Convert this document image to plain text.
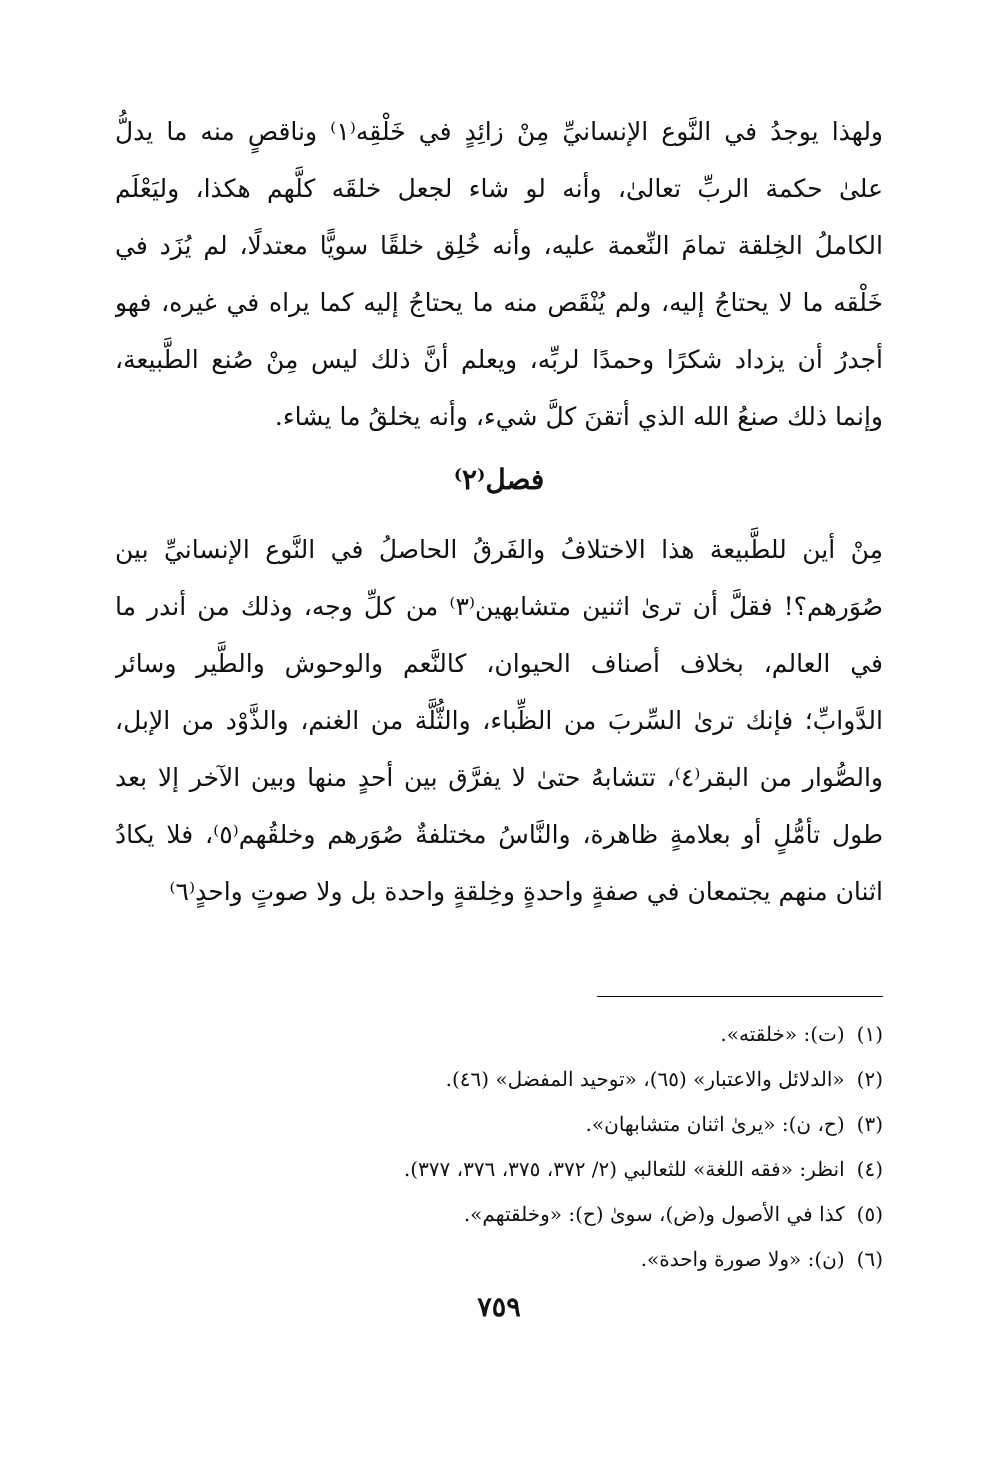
ولهذا يوجدُ في النَّوع الإنسانيِّ مِنْ زائِدٍ في خَلْقِه⁽١⁾ وناقصٍ منه ما يدلُّ
علىٰ حكمة الربِّ تعالىٰ، وأنه لو شاء لجعل خلقَه كلَّهم هكذا، وليَعْلَم
الكاملُ الخِلقة تمامَ النِّعمة عليه، وأنه خُلِق خلقًا سويًّا معتدلًا، لم يُزَد في
خَلْقه ما لا يحتاجُ إليه، ولم يُنْقَص منه ما يحتاجُ إليه كما يراه في غيره، فهو
أجدرُ أن يزداد شكرًا وحمدًا لربِّه، ويعلم أنَّ ذلك ليس مِنْ صُنع الطَّبيعة،
وإنما ذلك صنعُ الله الذي أتقنَ كلَّ شيء، وأنه يخلقُ ما يشاء.
فصل⁽٢⁾
مِنْ أين للطَّبيعة هذا الاختلافُ والفَرقُ الحاصلُ في النَّوع الإنسانيِّ بين
صُوَرهم؟! فقلَّ أن ترىٰ اثنين متشابهين⁽٣⁾ من كلِّ وجه، وذلك من أندر ما
في العالم، بخلاف أصناف الحيوان، كالنَّعم والوحوش والطَّير وسائر
الدَّوابِّ؛ فإنك ترىٰ السِّربَ من الظِّباء، والثُّلَّة من الغنم، والذَّوْد من الإبل،
والصُّوار من البقر⁽٤⁾، تتشابهُ حتىٰ لا يفرَّق بين أحدٍ منها وبين الآخر إلا بعد
طول تأمُّلٍ أو بعلامةٍ ظاهرة، والنَّاسُ مختلفةٌ صُوَرهم وخلقُهم⁽٥⁾، فلا يكادُ
اثنان منهم يجتمعان في صفةٍ واحدةٍ وخِلقةٍ واحدة بل ولا صوتٍ واحدٍ⁽٦⁾
(١) (ت): «خلقته».
(٢) «الدلائل والاعتبار» (٦٥)، «توحيد المفضل» (٤٦).
(٣) (ح، ن): «يرىٰ اثنان متشابهان».
(٤) انظر: «فقه اللغة» للثعالبي (٢/ ٣٧٢، ٣٧٥، ٣٧٦، ٣٧٧).
(٥) كذا في الأصول و(ض)، سوىٰ (ح): «وخلقتهم».
(٦) (ن): «ولا صورة واحدة».
٧٥٩
